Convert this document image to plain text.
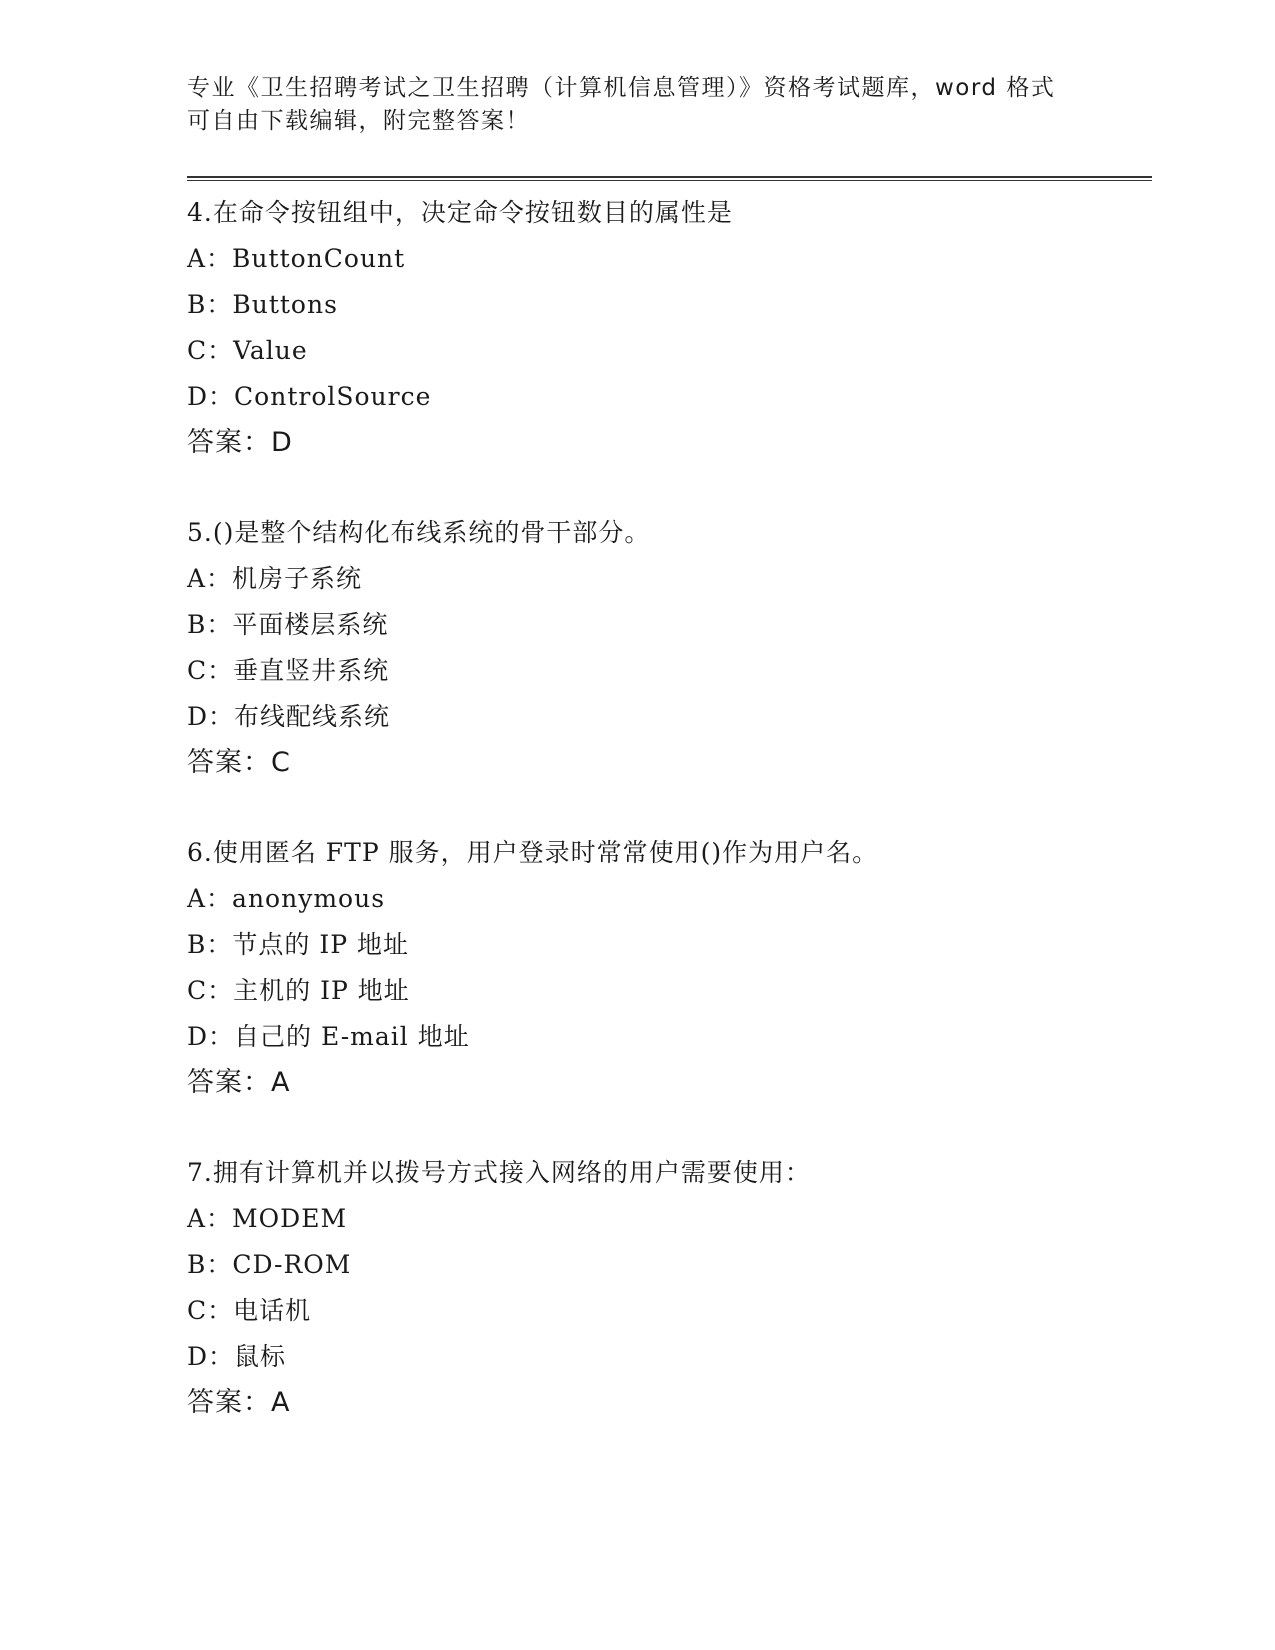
专业《卫生招聘考试之卫生招聘（计算机信息管理）》资格考试题库，word 格式
可自由下载编辑，附完整答案！
4.在命令按钮组中，决定命令按钮数目的属性是
A：ButtonCount
B：Buttons
C：Value
D：ControlSource
答案：D
5.()是整个结构化布线系统的骨干部分。
A：机房子系统
B：平面楼层系统
C：垂直竖井系统
D：布线配线系统
答案：C
6.使用匿名 FTP 服务，用户登录时常常使用()作为用户名。
A：anonymous
B：节点的 IP 地址
C：主机的 IP 地址
D：自己的 E-mail 地址
答案：A
7.拥有计算机并以拨号方式接入网络的用户需要使用：
A：MODEM
B：CD-ROM
C：电话机
D：鼠标
答案：A
